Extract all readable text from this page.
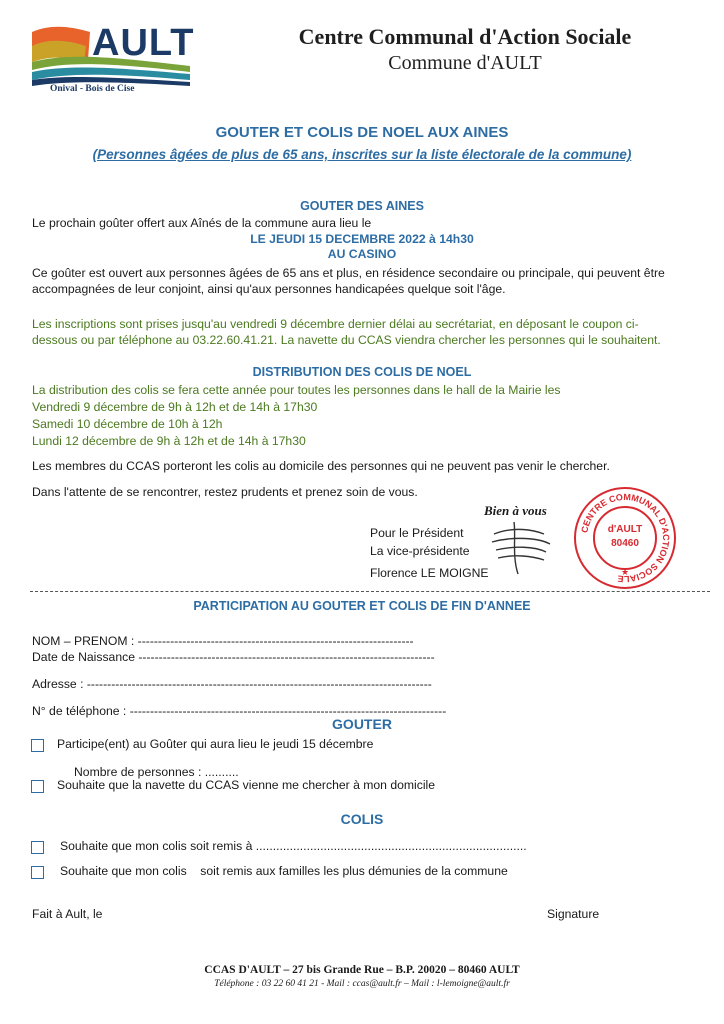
AULT
Onival - Bois de Cise
Centre Communal d'Action Sociale
Commune d'AULT
GOUTER ET COLIS DE NOEL AUX AINES
(Personnes âgées de plus de 65 ans, inscrites sur la liste électorale de la commune)
GOUTER DES AINES
Le prochain goûter offert aux Aînés de la commune aura lieu le
LE JEUDI 15 DECEMBRE 2022 à 14h30
AU CASINO
Ce goûter est ouvert aux personnes âgées de 65 ans et plus, en résidence secondaire ou principale, qui peuvent être
accompagnées de leur conjoint, ainsi qu'aux personnes handicapées quelque soit l'âge.
Les inscriptions sont prises jusqu'au vendredi 9 décembre dernier délai au secrétariat, en déposant le coupon ci-
dessous ou par téléphone au 03.22.60.41.21. La navette du CCAS viendra chercher les personnes qui le souhaitent.
DISTRIBUTION DES COLIS DE NOEL
La distribution des colis se fera cette année pour toutes les personnes dans le hall de la Mairie les
Vendredi 9 décembre de 9h à 12h et de 14h à 17h30
Samedi 10 décembre de 10h à 12h
Lundi 12 décembre de 9h à 12h et de 14h à 17h30
Les membres du CCAS porteront les colis au domicile des personnes qui ne peuvent pas venir le chercher.
Dans l'attente de se rencontrer, restez prudents et prenez soin de vous.
Bien à vous
Pour le Président
La vice-présidente
Florence LE MOIGNE
CENTRE COMMUNAL D'ACTION SOCIALE
★
d'AULT
80460
PARTICIPATION AU GOUTER ET COLIS DE FIN D'ANNEE
NOM – PRENOM : --------------------------------------------------------------------
Date de Naissance -------------------------------------------------------------------------
Adresse : -------------------------------------------------------------------------------------
N° de téléphone : ------------------------------------------------------------------------------
GOUTER
Participe(ent) au Goûter qui aura lieu le jeudi 15 décembre
Nombre de personnes : ..........
Souhaite que la navette du CCAS vienne me chercher à mon domicile
COLIS
Souhaite que mon colis soit remis à ................................................................................
Souhaite que mon colis    soit remis aux familles les plus démunies de la commune
Fait à Ault, le	Signature
CCAS D'AULT – 27 bis Grande Rue – B.P. 20020 – 80460 AULT
Téléphone : 03 22 60 41 21 - Mail : ccas@ault.fr – Mail : l-lemoigne@ault.fr
